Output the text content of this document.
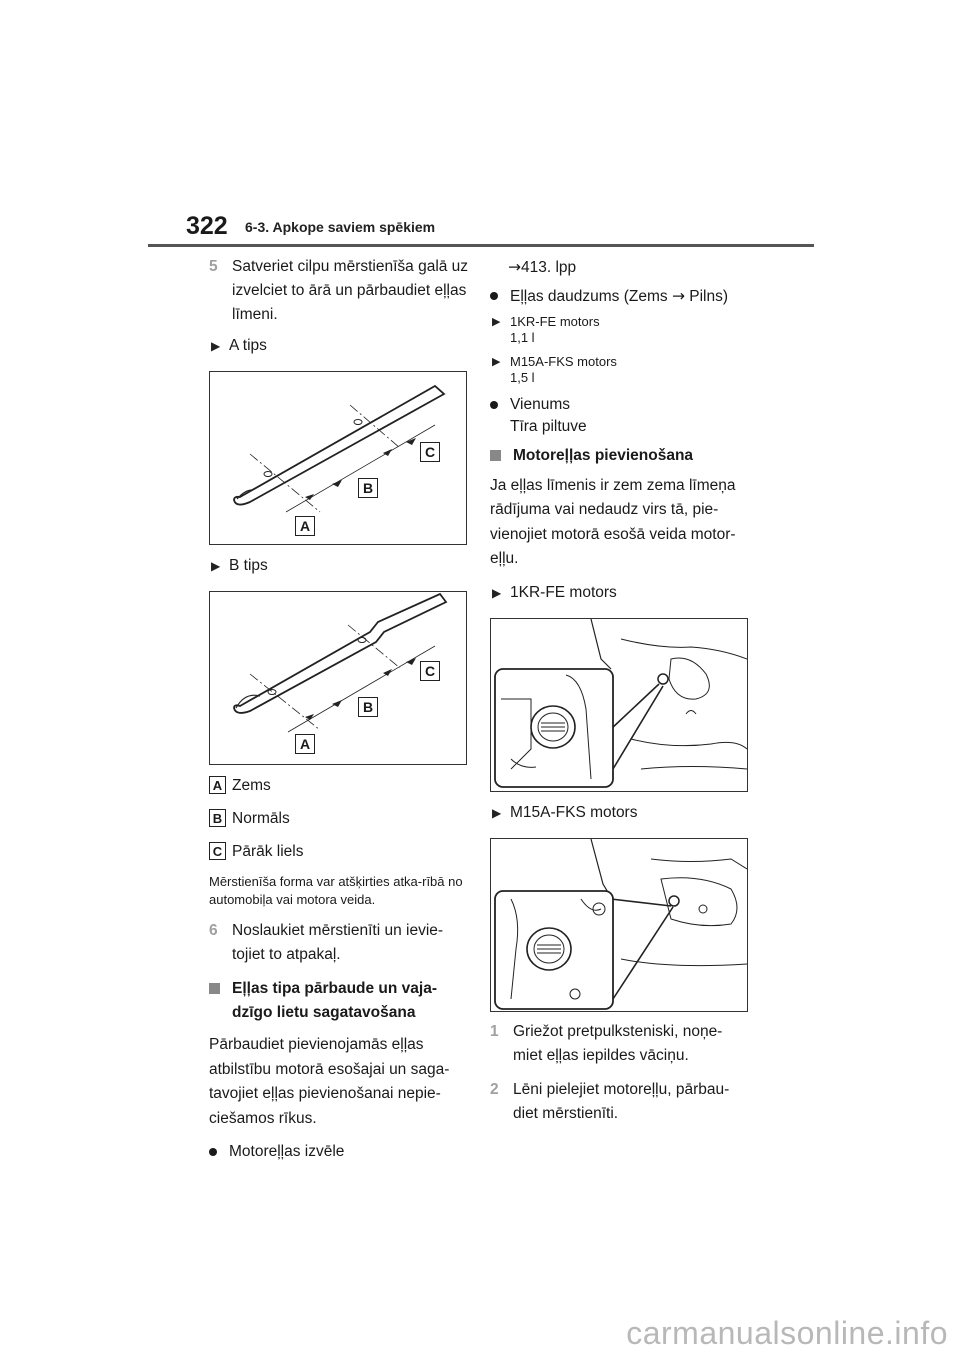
322 6-3. Apkope saviem spēkiem
5 Satveriet cilpu mērstienīša galā uz izvelciet to ārā un pārbaudiet eļļas līmeni.

▶ A tips
A
B
C
▶ B tips
A
B
C
A Zems
B Normāls
C Pārāk liels

Mērstienīša forma var atšķirties atka-rībā no automobiļa vai motora veida.

6 Noslaukiet mērstienīti un ievie-tojiet to atpakaļ.

Eļļas tipa pārbaude un vaja-dzīgo lietu sagatavošana

Pārbaudiet pievienojamās eļļas atbilstību motorā esošajai un saga-tavojiet eļļas pievienošanai nepie-ciešamos rīkus.

Motoreļļas izvēle

→413. lpp

Eļļas daudzums (Zems → Pilns)
▶ 1KR-FE motors

1,1 l

▶ M15A-FKS motors

1,5 l

Vienums

Tīra piltuve

Motoreļļas pievienošana

Ja eļļas līmenis ir zem zema līmeņa rādījuma vai nedaudz virs tā, pie-vienojiet motorā esošā veida motor-eļļu.

▶ 1KR-FE motors
▶ M15A-FKS motors
1 Griežot pretpulksteniski, noņe-miet eļļas iepildes vāciņu.

2 Lēni pielejiet motoreļļu, pārbau-diet mērstienīti.

carmanualsonline.info
